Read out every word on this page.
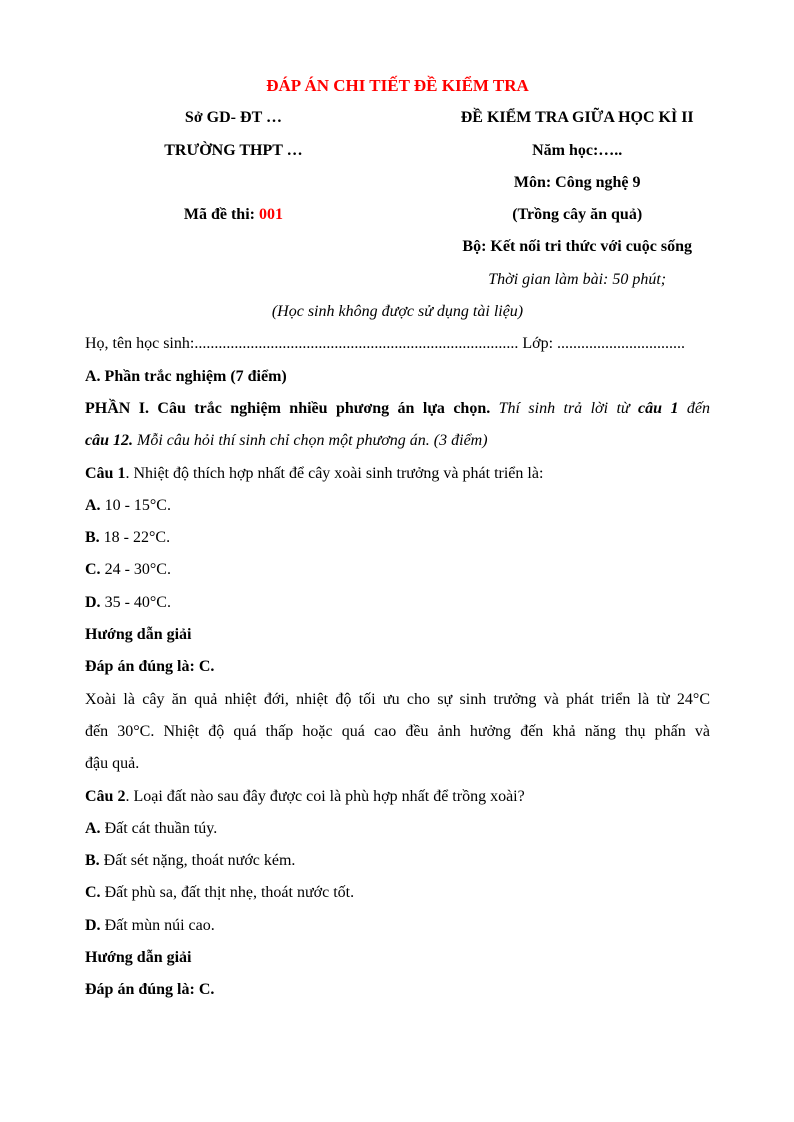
ĐÁP ÁN CHI TIẾT ĐỀ KIỂM TRA

Sở GD- ĐT …	ĐỀ KIỂM TRA GIỮA HỌC KÌ II
TRƯỜNG THPT …	Năm học:…..
Môn: Công nghệ 9
Mã đề thi: 001	(Trồng cây ăn quả)
Bộ: Kết nối tri thức với cuộc sống
Thời gian làm bài: 50 phút;

(Học sinh không được sử dụng tài liệu)

Họ, tên học sinh:................................................................................. Lớp: ................................

A. Phần trắc nghiệm (7 điểm)

PHẦN I. Câu trắc nghiệm nhiều phương án lựa chọn. Thí sinh trả lời từ câu 1 đến

câu 12. Mỗi câu hỏi thí sinh chỉ chọn một phương án. (3 điểm)

Câu 1. Nhiệt độ thích hợp nhất để cây xoài sinh trưởng và phát triển là:

A. 10 - 15°C.

B. 18 - 22°C.

C. 24 - 30°C.

D. 35 - 40°C.

Hướng dẫn giải

Đáp án đúng là: C.

Xoài là cây ăn quả nhiệt đới, nhiệt độ tối ưu cho sự sinh trưởng và phát triển là từ 24°C

đến 30°C. Nhiệt độ quá thấp hoặc quá cao đều ảnh hưởng đến khả năng thụ phấn và

đậu quả.

Câu 2. Loại đất nào sau đây được coi là phù hợp nhất để trồng xoài?

A. Đất cát thuần túy.

B. Đất sét nặng, thoát nước kém.

C. Đất phù sa, đất thịt nhẹ, thoát nước tốt.

D. Đất mùn núi cao.

Hướng dẫn giải

Đáp án đúng là: C.
